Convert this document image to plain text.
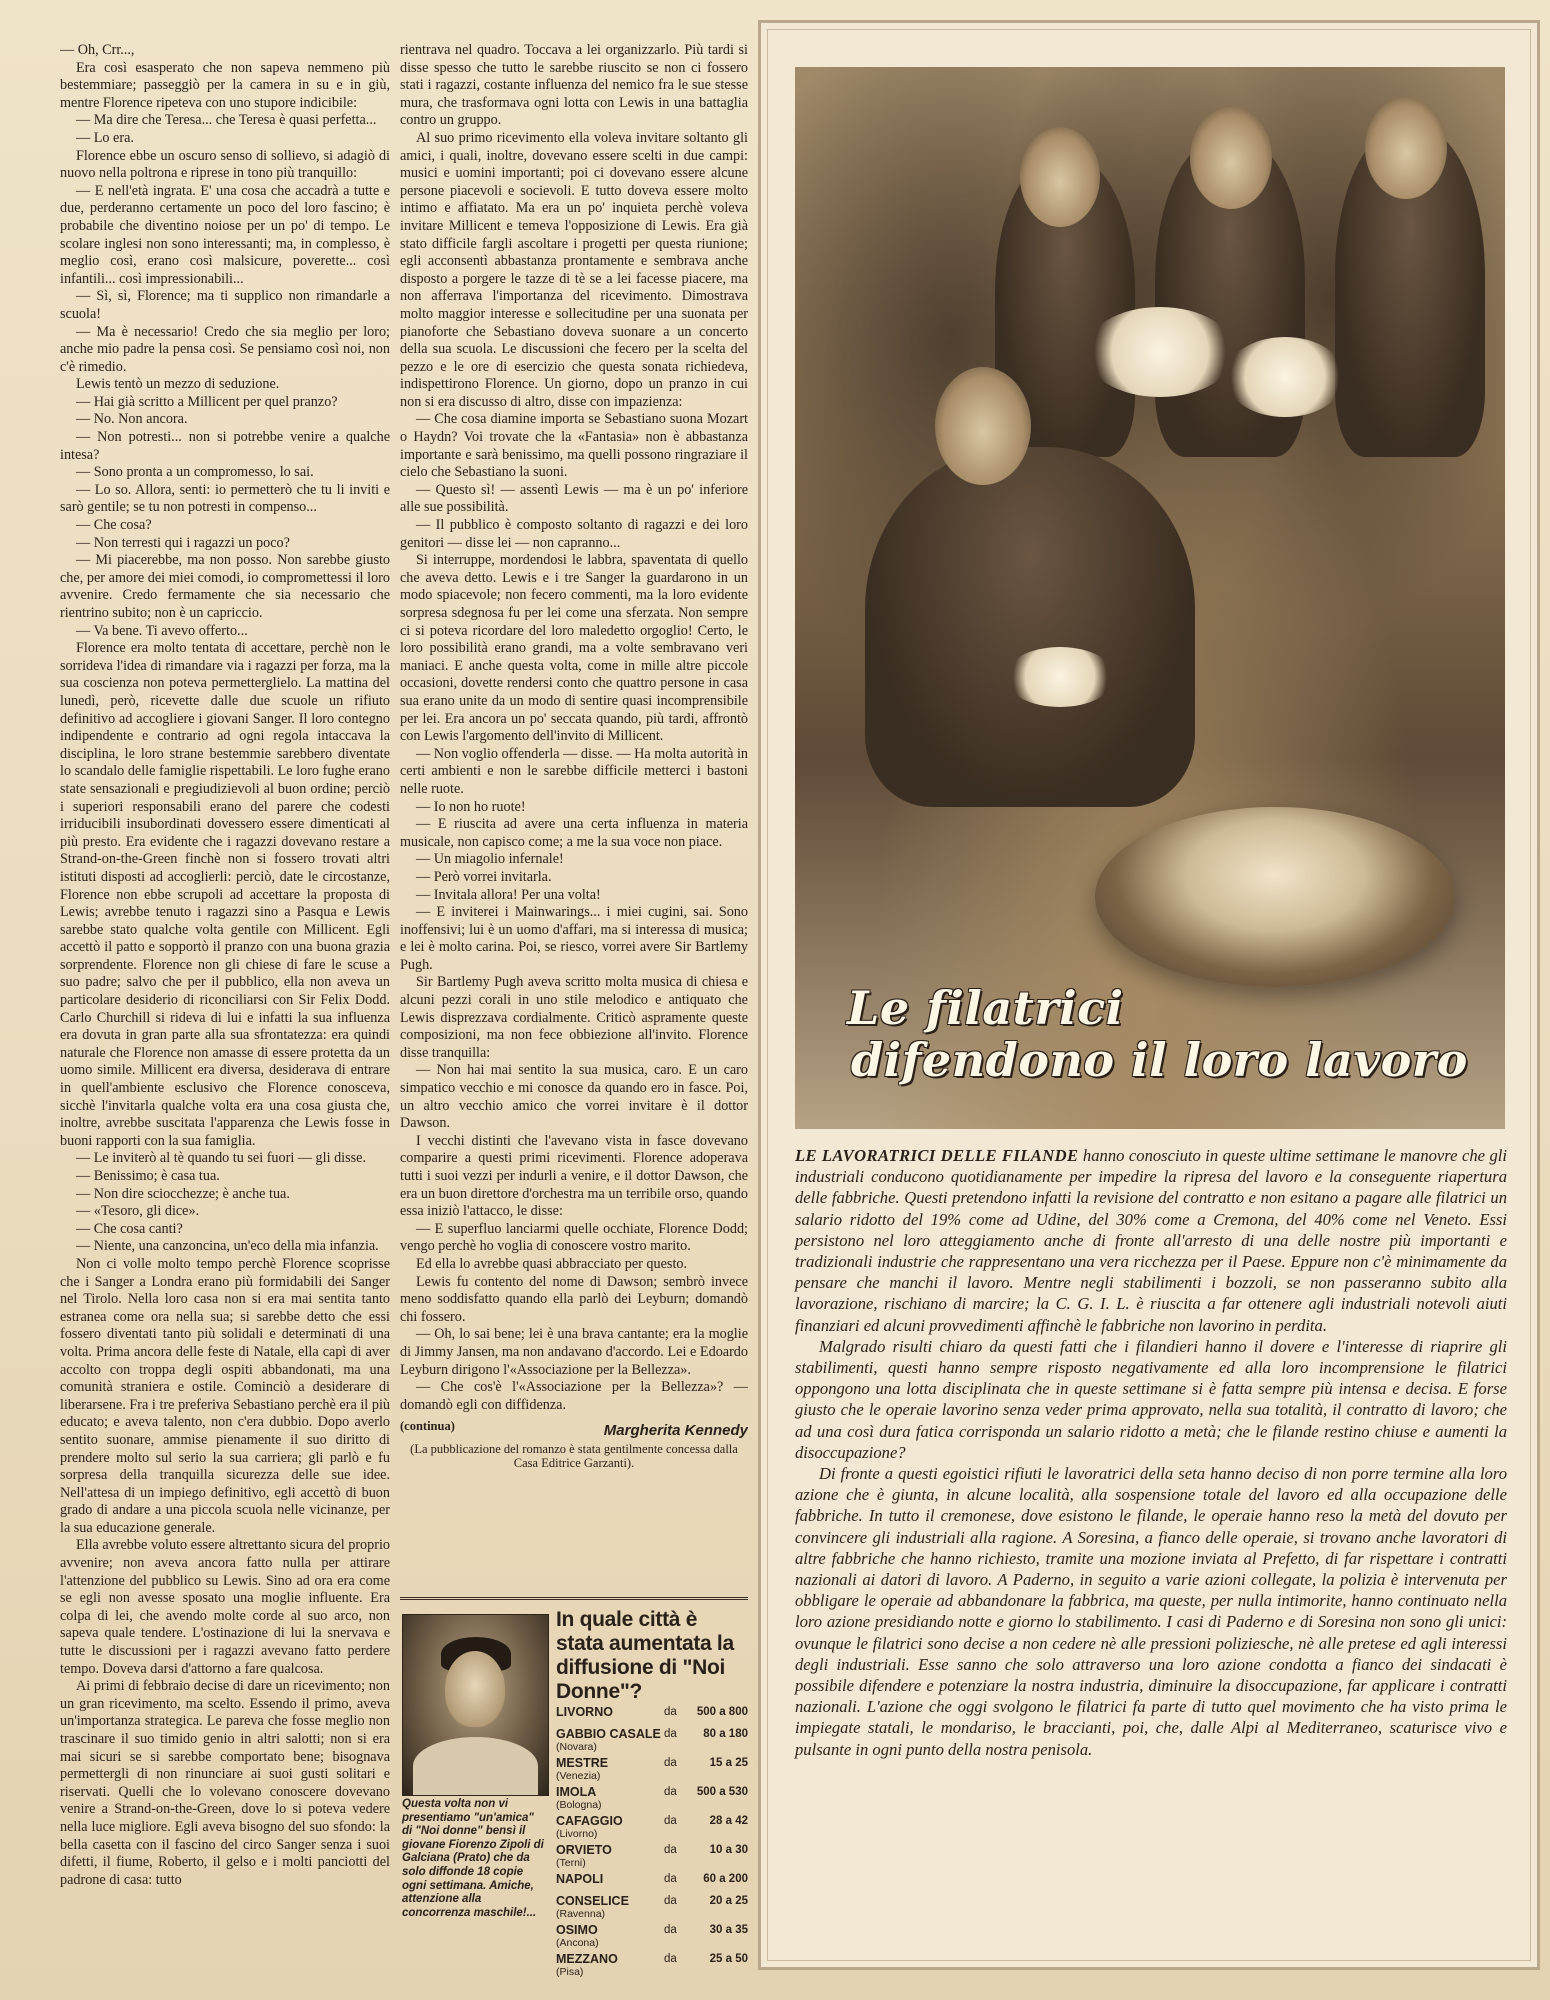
— Oh, Crr...,

Era così esasperato che non sapeva nemmeno più bestemmiare; passeggiò per la camera in su e in giù, mentre Florence ripeteva con uno stupore indicibile:

— Ma dire che Teresa... che Teresa è quasi perfetta...

— Lo era.

Florence ebbe un oscuro senso di sollievo, si adagiò di nuovo nella poltrona e riprese in tono più tranquillo:

— E nell'età ingrata. E' una cosa che accadrà a tutte e due, perderanno certamente un poco del loro fascino; è probabile che diventino noiose per un po' di tempo. Le scolare inglesi non sono interessanti; ma, in complesso, è meglio così, erano così malsicure, poverette... così infantili... così impressionabili...

— Sì, sì, Florence; ma ti supplico non rimandarle a scuola!

— Ma è necessario! Credo che sia meglio per loro; anche mio padre la pensa così. Se pensiamo così noi, non c'è rimedio.

Lewis tentò un mezzo di seduzione.

— Hai già scritto a Millicent per quel pranzo?

— No. Non ancora.

— Non potresti... non si potrebbe venire a qualche intesa?

— Sono pronta a un compromesso, lo sai.

— Lo so. Allora, senti: io permetterò che tu li inviti e sarò gentile; se tu non potresti in compenso...

— Che cosa?

— Non terresti qui i ragazzi un poco?

— Mi piacerebbe, ma non posso. Non sarebbe giusto che, per amore dei miei comodi, io compromettessi il loro avvenire. Credo fermamente che sia necessario che rientrino subito; non è un capriccio.

— Va bene. Ti avevo offerto...

Florence era molto tentata di accettare, perchè non le sorrideva l'idea di rimandare via i ragazzi per forza, ma la sua coscienza non poteva permetterglielo. La mattina del lunedì, però, ricevette dalle due scuole un rifiuto definitivo ad accogliere i giovani Sanger. Il loro contegno indipendente e contrario ad ogni regola intaccava la disciplina, le loro strane bestemmie sarebbero diventate lo scandalo delle famiglie rispettabili. Le loro fughe erano state sensazionali e pregiudizievoli al buon ordine; perciò i superiori responsabili erano del parere che codesti irriducibili insubordinati dovessero essere dimenticati al più presto. Era evidente che i ragazzi dovevano restare a Strand-on-the-Green finchè non si fossero trovati altri istituti disposti ad accoglierli: perciò, date le circostanze, Florence non ebbe scrupoli ad accettare la proposta di Lewis; avrebbe tenuto i ragazzi sino a Pasqua e Lewis sarebbe stato qualche volta gentile con Millicent. Egli accettò il patto e sopportò il pranzo con una buona grazia sorprendente. Florence non gli chiese di fare le scuse a suo padre; salvo che per il pubblico, ella non aveva un particolare desiderio di riconciliarsi con Sir Felix Dodd. Carlo Churchill si rideva di lui e infatti la sua influenza era dovuta in gran parte alla sua sfrontatezza: era quindi naturale che Florence non amasse di essere protetta da un uomo simile. Millicent era diversa, desiderava di entrare in quell'ambiente esclusivo che Florence conosceva, sicchè l'invitarla qualche volta era una cosa giusta che, inoltre, avrebbe suscitata l'apparenza che Lewis fosse in buoni rapporti con la sua famiglia.

— Le inviterò al tè quando tu sei fuori — gli disse.

— Benissimo; è casa tua.

— Non dire sciocchezze; è anche tua.

— «Tesoro, gli dice».

— Che cosa canti?

— Niente, una canzoncina, un'eco della mia infanzia.

Non ci volle molto tempo perchè Florence scoprisse che i Sanger a Londra erano più formidabili dei Sanger nel Tirolo. Nella loro casa non si era mai sentita tanto estranea come ora nella sua; si sarebbe detto che essi fossero diventati tanto più solidali e determinati di una volta. Prima ancora delle feste di Natale, ella capì di aver accolto con troppa degli ospiti abbandonati, ma una comunità straniera e ostile. Cominciò a desiderare di liberarsene. Fra i tre preferiva Sebastiano perchè era il più educato; e aveva talento, non c'era dubbio. Dopo averlo sentito suonare, ammise pienamente il suo diritto di prendere molto sul serio la sua carriera; gli parlò e fu sorpresa della tranquilla sicurezza delle sue idee. Nell'attesa di un impiego definitivo, egli accettò di buon grado di andare a una piccola scuola nelle vicinanze, per la sua educazione generale.

Ella avrebbe voluto essere altrettanto sicura del proprio avvenire; non aveva ancora fatto nulla per attirare l'attenzione del pubblico su Lewis. Sino ad ora era come se egli non avesse sposato una moglie influente. Era colpa di lei, che avendo molte corde al suo arco, non sapeva quale tendere. L'ostinazione di lui la snervava e tutte le discussioni per i ragazzi avevano fatto perdere tempo. Doveva darsi d'attorno a fare qualcosa.

Ai primi di febbraio decise di dare un ricevimento; non un gran ricevimento, ma scelto. Essendo il primo, aveva un'importanza strategica. Le pareva che fosse meglio non trascinare il suo timido genio in altri salotti; non si era mai sicuri se si sarebbe comportato bene; bisognava permettergli di non rinunciare ai suoi gusti solitari e riservati. Quelli che lo volevano conoscere dovevano venire a Strand-on-the-Green, dove lo si poteva vedere nella luce migliore. Egli aveva bisogno del suo sfondo: la bella casetta con il fascino del circo Sanger senza i suoi difetti, il fiume, Roberto, il gelso e i molti panciotti del padrone di casa: tutto

rientrava nel quadro. Toccava a lei organizzarlo. Più tardi si disse spesso che tutto le sarebbe riuscito se non ci fossero stati i ragazzi, costante influenza del nemico fra le sue stesse mura, che trasformava ogni lotta con Lewis in una battaglia contro un gruppo.

Al suo primo ricevimento ella voleva invitare soltanto gli amici, i quali, inoltre, dovevano essere scelti in due campi: musici e uomini importanti; poi ci dovevano essere alcune persone piacevoli e socievoli. E tutto doveva essere molto intimo e affiatato. Ma era un po' inquieta perchè voleva invitare Millicent e temeva l'opposizione di Lewis. Era già stato difficile fargli ascoltare i progetti per questa riunione; egli acconsentì abbastanza prontamente e sembrava anche disposto a porgere le tazze di tè se a lei facesse piacere, ma non afferrava l'importanza del ricevimento. Dimostrava molto maggior interesse e sollecitudine per una suonata per pianoforte che Sebastiano doveva suonare a un concerto della sua scuola. Le discussioni che fecero per la scelta del pezzo e le ore di esercizio che questa sonata richiedeva, indispettirono Florence. Un giorno, dopo un pranzo in cui non si era discusso di altro, disse con impazienza:

— Che cosa diamine importa se Sebastiano suona Mozart o Haydn? Voi trovate che la «Fantasia» non è abbastanza importante e sarà benissimo, ma quelli possono ringraziare il cielo che Sebastiano la suoni.

— Questo sì! — assentì Lewis — ma è un po' inferiore alle sue possibilità.

— Il pubblico è composto soltanto di ragazzi e dei loro genitori — disse lei — non capranno...

Si interruppe, mordendosi le labbra, spaventata di quello che aveva detto. Lewis e i tre Sanger la guardarono in un modo spiacevole; non fecero commenti, ma la loro evidente sorpresa sdegnosa fu per lei come una sferzata. Non sempre ci si poteva ricordare del loro maledetto orgoglio! Certo, le loro possibilità erano grandi, ma a volte sembravano veri maniaci. E anche questa volta, come in mille altre piccole occasioni, dovette rendersi conto che quattro persone in casa sua erano unite da un modo di sentire quasi incomprensibile per lei. Era ancora un po' seccata quando, più tardi, affrontò con Lewis l'argomento dell'invito di Millicent.

— Non voglio offenderla — disse. — Ha molta autorità in certi ambienti e non le sarebbe difficile metterci i bastoni nelle ruote.

— Io non ho ruote!

— E riuscita ad avere una certa influenza in materia musicale, non capisco come; a me la sua voce non piace.

— Un miagolio infernale!

— Però vorrei invitarla.

— Invitala allora! Per una volta!

— E inviterei i Mainwarings... i miei cugini, sai. Sono inoffensivi; lui è un uomo d'affari, ma si interessa di musica; e lei è molto carina. Poi, se riesco, vorrei avere Sir Bartlemy Pugh.

Sir Bartlemy Pugh aveva scritto molta musica di chiesa e alcuni pezzi corali in uno stile melodico e antiquato che Lewis disprezzava cordialmente. Criticò aspramente queste composizioni, ma non fece obbiezione all'invito. Florence disse tranquilla:

— Non hai mai sentito la sua musica, caro. E un caro simpatico vecchio e mi conosce da quando ero in fasce. Poi, un altro vecchio amico che vorrei invitare è il dottor Dawson.

I vecchi distinti che l'avevano vista in fasce dovevano comparire a questi primi ricevimenti. Florence adoperava tutti i suoi vezzi per indurli a venire, e il dottor Dawson, che era un buon direttore d'orchestra ma un terribile orso, quando essa iniziò l'attacco, le disse:

— E superfluo lanciarmi quelle occhiate, Florence Dodd; vengo perchè ho voglia di conoscere vostro marito.

Ed ella lo avrebbe quasi abbracciato per questo.

Lewis fu contento del nome di Dawson; sembrò invece meno soddisfatto quando ella parlò dei Leyburn; domandò chi fossero.

— Oh, lo sai bene; lei è una brava cantante; era la moglie di Jimmy Jansen, ma non andavano d'accordo. Lei e Edoardo Leyburn dirigono l'«Associazione per la Bellezza».

— Che cos'è l'«Associazione per la Bellezza»? — domandò egli con diffidenza.

(continua)	Margherita Kennedy
(La pubblicazione del romanzo è stata gentilmente concessa dalla Casa Editrice Garzanti).
Questa volta non vi presentiamo "un'amica" di "Noi donne" bensì il giovane Fiorenzo Zipoli di Galciana (Prato) che da solo diffonde 18 copie ogni settimana. Amiche, attenzione alla concorrenza maschile!...
In quale città è stata aumentata la diffusione di "Noi Donne"?
LIVORNO	da	500 a 800
GABBIO CASALE
(Novara)
da	80 a 180
MESTRE
(Venezia)
da	15 a 25
IMOLA
(Bologna)
da	500 a 530
CAFAGGIO
(Livorno)
da	28 a 42
ORVIETO
(Terni)
da	10 a 30
NAPOLI	da	60 a 200
CONSELICE
(Ravenna)
da	20 a 25
OSIMO
(Ancona)
da	30 a 35
MEZZANO
(Pisa)
da	25 a 50
Le filatrici
difendono il loro lavoro

LE LAVORATRICI DELLE FILANDE hanno conosciuto in queste ultime settimane le manovre che gli industriali conducono quotidianamente per impedire la ripresa del lavoro e la conseguente riapertura delle fabbriche. Questi pretendono infatti la revisione del contratto e non esitano a pagare alle filatrici un salario ridotto del 19% come ad Udine, del 30% come a Cremona, del 40% come nel Veneto. Essi persistono nel loro atteggiamento anche di fronte all'arresto di una delle nostre più importanti e tradizionali industrie che rappresentano una vera ricchezza per il Paese. Eppure non c'è minimamente da pensare che manchi il lavoro. Mentre negli stabilimenti i bozzoli, se non passeranno subito alla lavorazione, rischiano di marcire; la C. G. I. L. è riuscita a far ottenere agli industriali notevoli aiuti finanziari ed alcuni provvedimenti affinchè le fabbriche non lavorino in perdita.

Malgrado risulti chiaro da questi fatti che i filandieri hanno il dovere e l'interesse di riaprire gli stabilimenti, questi hanno sempre risposto negativamente ed alla loro incomprensione le filatrici oppongono una lotta disciplinata che in queste settimane si è fatta sempre più intensa e decisa. E forse giusto che le operaie lavorino senza veder prima approvato, nella sua totalità, il contratto di lavoro; che ad una così dura fatica corrisponda un salario ridotto a metà; che le filande restino chiuse e aumenti la disoccupazione?

Di fronte a questi egoistici rifiuti le lavoratrici della seta hanno deciso di non porre termine alla loro azione che è giunta, in alcune località, alla sospensione totale del lavoro ed alla occupazione delle fabbriche. In tutto il cremonese, dove esistono le filande, le operaie hanno reso la metà del dovuto per convincere gli industriali alla ragione. A Soresina, a fianco delle operaie, si trovano anche lavoratori di altre fabbriche che hanno richiesto, tramite una mozione inviata al Prefetto, di far rispettare i contratti nazionali ai datori di lavoro. A Paderno, in seguito a varie azioni collegate, la polizia è intervenuta per obbligare le operaie ad abbandonare la fabbrica, ma queste, per nulla intimorite, hanno continuato nella loro azione presidiando notte e giorno lo stabilimento. I casi di Paderno e di Soresina non sono gli unici: ovunque le filatrici sono decise a non cedere nè alle pressioni poliziesche, nè alle pretese ed agli interessi degli industriali. Esse sanno che solo attraverso una loro azione condotta a fianco dei sindacati è possibile difendere e potenziare la nostra industria, diminuire la disoccupazione, far applicare i contratti nazionali. L'azione che oggi svolgono le filatrici fa parte di tutto quel movimento che ha visto prima le impiegate statali, le mondariso, le braccianti, poi, che, dalle Alpi al Mediterraneo, scaturisce vivo e pulsante in ogni punto della nostra penisola.
